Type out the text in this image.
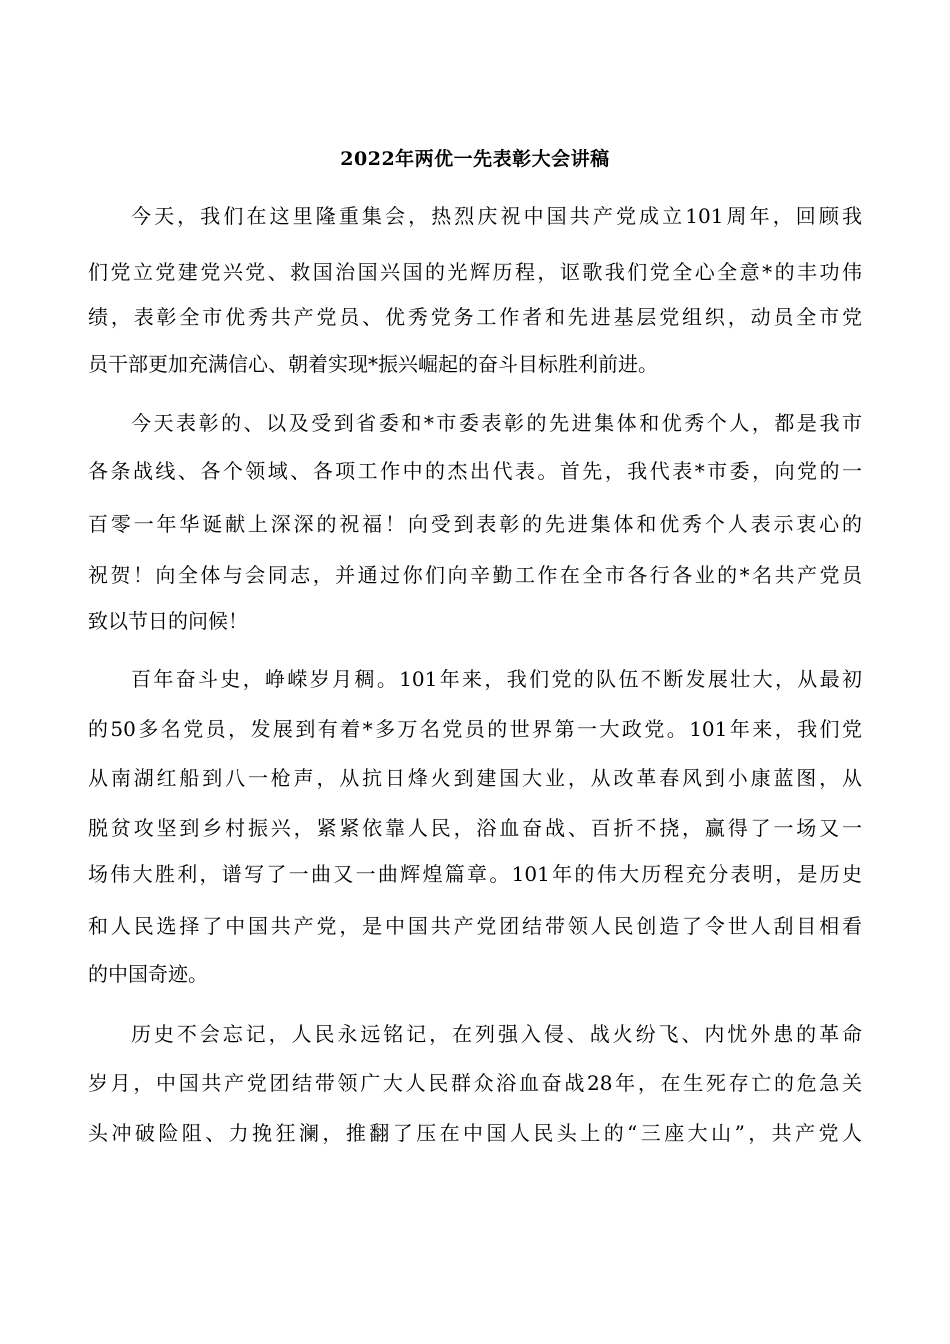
2022年两优一先表彰大会讲稿
今天，我们在这里隆重集会，热烈庆祝中国共产党成立101周年，回顾我
们党立党建党兴党、救国治国兴国的光辉历程，讴歌我们党全心全意*的丰功伟
绩，表彰全市优秀共产党员、优秀党务工作者和先进基层党组织，动员全市党
员干部更加充满信心、朝着实现*振兴崛起的奋斗目标胜利前进。
今天表彰的、以及受到省委和*市委表彰的先进集体和优秀个人，都是我市
各条战线、各个领域、各项工作中的杰出代表。首先，我代表*市委，向党的一
百零一年华诞献上深深的祝福！向受到表彰的先进集体和优秀个人表示衷心的
祝贺！向全体与会同志，并通过你们向辛勤工作在全市各行各业的*名共产党员
致以节日的问候！
百年奋斗史，峥嵘岁月稠。101年来，我们党的队伍不断发展壮大，从最初
的50多名党员，发展到有着*多万名党员的世界第一大政党。101年来，我们党
从南湖红船到八一枪声，从抗日烽火到建国大业，从改革春风到小康蓝图，从
脱贫攻坚到乡村振兴，紧紧依靠人民，浴血奋战、百折不挠，赢得了一场又一
场伟大胜利，谱写了一曲又一曲辉煌篇章。101年的伟大历程充分表明，是历史
和人民选择了中国共产党，是中国共产党团结带领人民创造了令世人刮目相看
的中国奇迹。
历史不会忘记，人民永远铭记，在列强入侵、战火纷飞、内忧外患的革命
岁月，中国共产党团结带领广大人民群众浴血奋战28年，在生死存亡的危急关
头冲破险阻、力挽狂澜，推翻了压在中国人民头上的“三座大山”，共产党人
